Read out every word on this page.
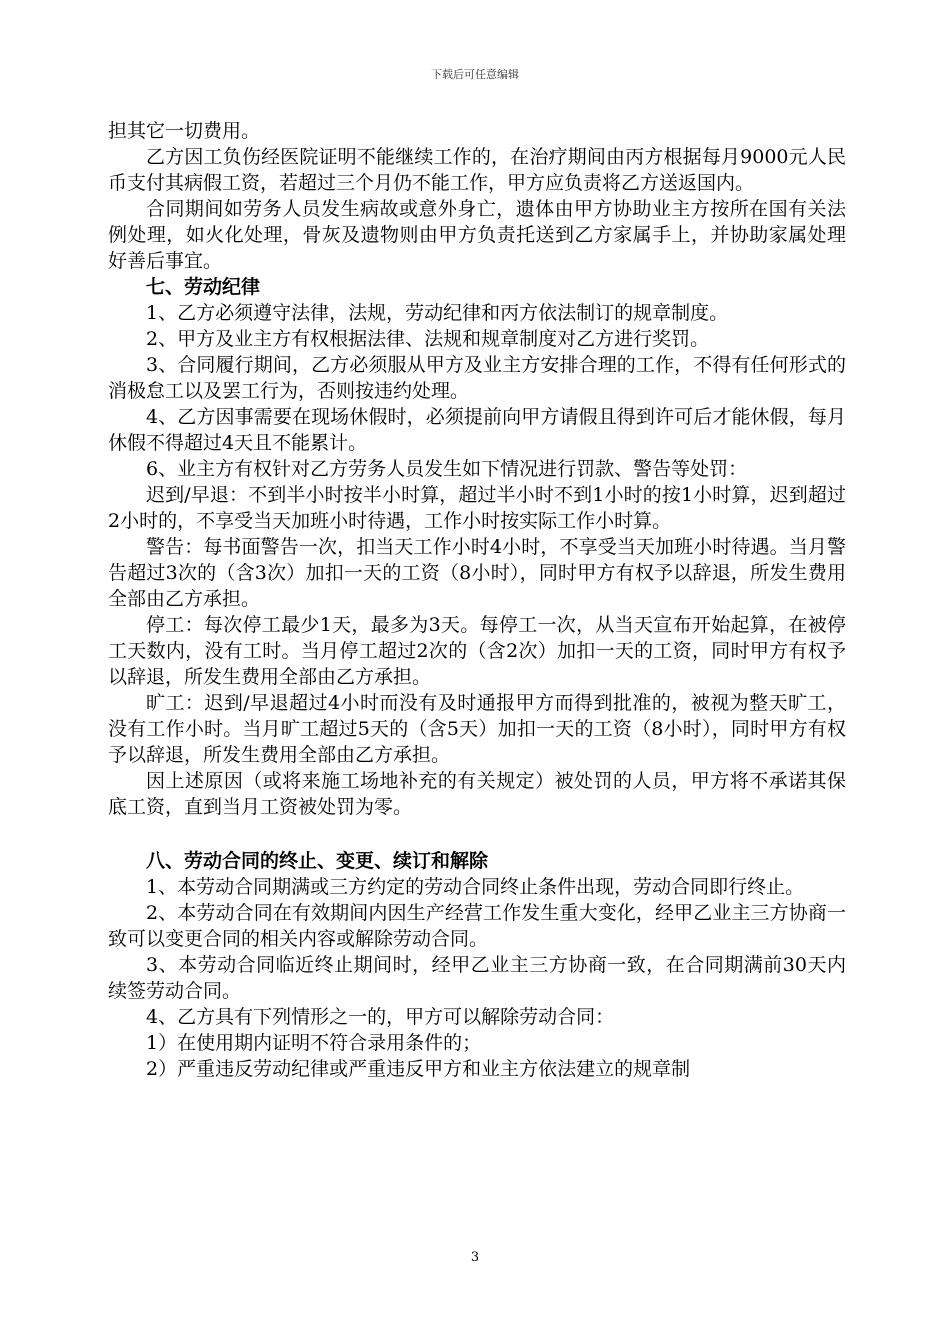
下载后可任意编辑

担其它一切费用。

乙方因工负伤经医院证明不能继续工作的，在治疗期间由丙方根据每月9000元人民币支付其病假工资，若超过三个月仍不能工作，甲方应负责将乙方送返国内。

合同期间如劳务人员发生病故或意外身亡，遗体由甲方协助业主方按所在国有关法例处理，如火化处理，骨灰及遗物则由甲方负责托送到乙方家属手上，并协助家属处理好善后事宜。

七、劳动纪律

1、乙方必须遵守法律，法规，劳动纪律和丙方依法制订的规章制度。

2、甲方及业主方有权根据法律、法规和规章制度对乙方进行奖罚。

3、合同履行期间，乙方必须服从甲方及业主方安排合理的工作，不得有任何形式的消极怠工以及罢工行为，否则按违约处理。

4、乙方因事需要在现场休假时，必须提前向甲方请假且得到许可后才能休假，每月休假不得超过4天且不能累计。

6、业主方有权针对乙方劳务人员发生如下情况进行罚款、警告等处罚：

迟到/早退：不到半小时按半小时算，超过半小时不到1小时的按1小时算，迟到超过2小时的，不享受当天加班小时待遇，工作小时按实际工作小时算。

警告：每书面警告一次，扣当天工作小时4小时，不享受当天加班小时待遇。当月警告超过3次的（含3次）加扣一天的工资（8小时），同时甲方有权予以辞退，所发生费用全部由乙方承担。

停工：每次停工最少1天，最多为3天。每停工一次，从当天宣布开始起算，在被停工天数内，没有工时。当月停工超过2次的（含2次）加扣一天的工资，同时甲方有权予以辞退，所发生费用全部由乙方承担。

旷工：迟到/早退超过4小时而没有及时通报甲方而得到批准的，被视为整天旷工，没有工作小时。当月旷工超过5天的（含5天）加扣一天的工资（8小时），同时甲方有权予以辞退，所发生费用全部由乙方承担。

因上述原因（或将来施工场地补充的有关规定）被处罚的人员，甲方将不承诺其保底工资，直到当月工资被处罚为零。

八、劳动合同的终止、变更、续订和解除

1、本劳动合同期满或三方约定的劳动合同终止条件出现，劳动合同即行终止。

2、本劳动合同在有效期间内因生产经营工作发生重大变化，经甲乙业主三方协商一致可以变更合同的相关内容或解除劳动合同。

3、本劳动合同临近终止期间时，经甲乙业主三方协商一致，在合同期满前30天内续签劳动合同。

4、乙方具有下列情形之一的，甲方可以解除劳动合同：

1）在使用期内证明不符合录用条件的；

2）严重违反劳动纪律或严重违反甲方和业主方依法建立的规章制

3
